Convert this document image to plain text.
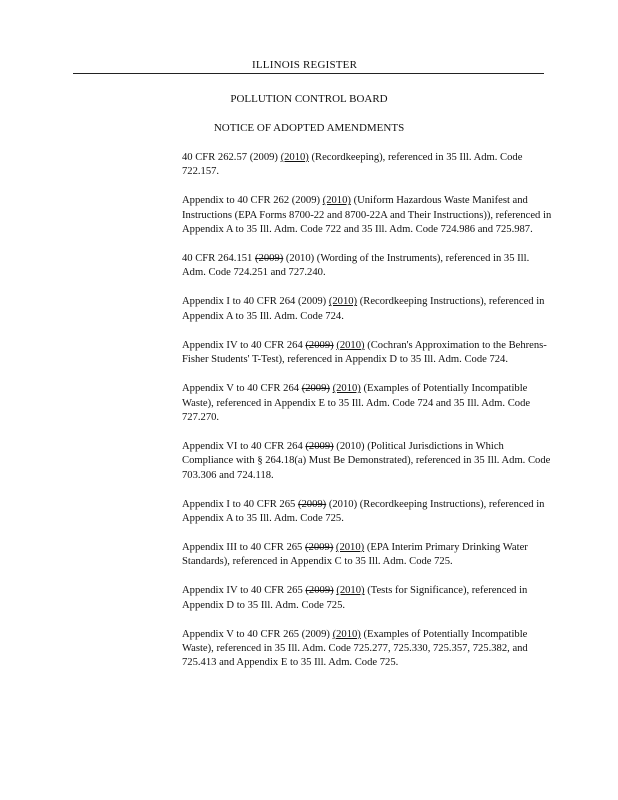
ILLINOIS REGISTER
POLLUTION CONTROL BOARD
NOTICE OF ADOPTED AMENDMENTS

40 CFR 262.57 (2009) (2010) (Recordkeeping), referenced in 35 Ill. Adm. Code 722.157.

Appendix to 40 CFR 262 (2009) (2010) (Uniform Hazardous Waste Manifest and Instructions (EPA Forms 8700-22 and 8700-22A and Their Instructions)), referenced in Appendix A to 35 Ill. Adm. Code 722 and 35 Ill. Adm. Code 724.986 and 725.987.

40 CFR 264.151 (2009) (2010) (Wording of the Instruments), referenced in 35 Ill. Adm. Code 724.251 and 727.240.

Appendix I to 40 CFR 264 (2009) (2010) (Recordkeeping Instructions), referenced in Appendix A to 35 Ill. Adm. Code 724.

Appendix IV to 40 CFR 264 (2009) (2010) (Cochran's Approximation to the Behrens-Fisher Students' T-Test), referenced in Appendix D to 35 Ill. Adm. Code 724.

Appendix V to 40 CFR 264 (2009) (2010) (Examples of Potentially Incompatible Waste), referenced in Appendix E to 35 Ill. Adm. Code 724 and 35 Ill. Adm. Code 727.270.

Appendix VI to 40 CFR 264 (2009) (2010) (Political Jurisdictions in Which Compliance with § 264.18(a) Must Be Demonstrated), referenced in 35 Ill. Adm. Code 703.306 and 724.118.

Appendix I to 40 CFR 265 (2009) (2010) (Recordkeeping Instructions), referenced in Appendix A to 35 Ill. Adm. Code 725.

Appendix III to 40 CFR 265 (2009) (2010) (EPA Interim Primary Drinking Water Standards), referenced in Appendix C to 35 Ill. Adm. Code 725.

Appendix IV to 40 CFR 265 (2009) (2010) (Tests for Significance), referenced in Appendix D to 35 Ill. Adm. Code 725.

Appendix V to 40 CFR 265 (2009) (2010) (Examples of Potentially Incompatible Waste), referenced in 35 Ill. Adm. Code 725.277, 725.330, 725.357, 725.382, and 725.413 and Appendix E to 35 Ill. Adm. Code 725.
